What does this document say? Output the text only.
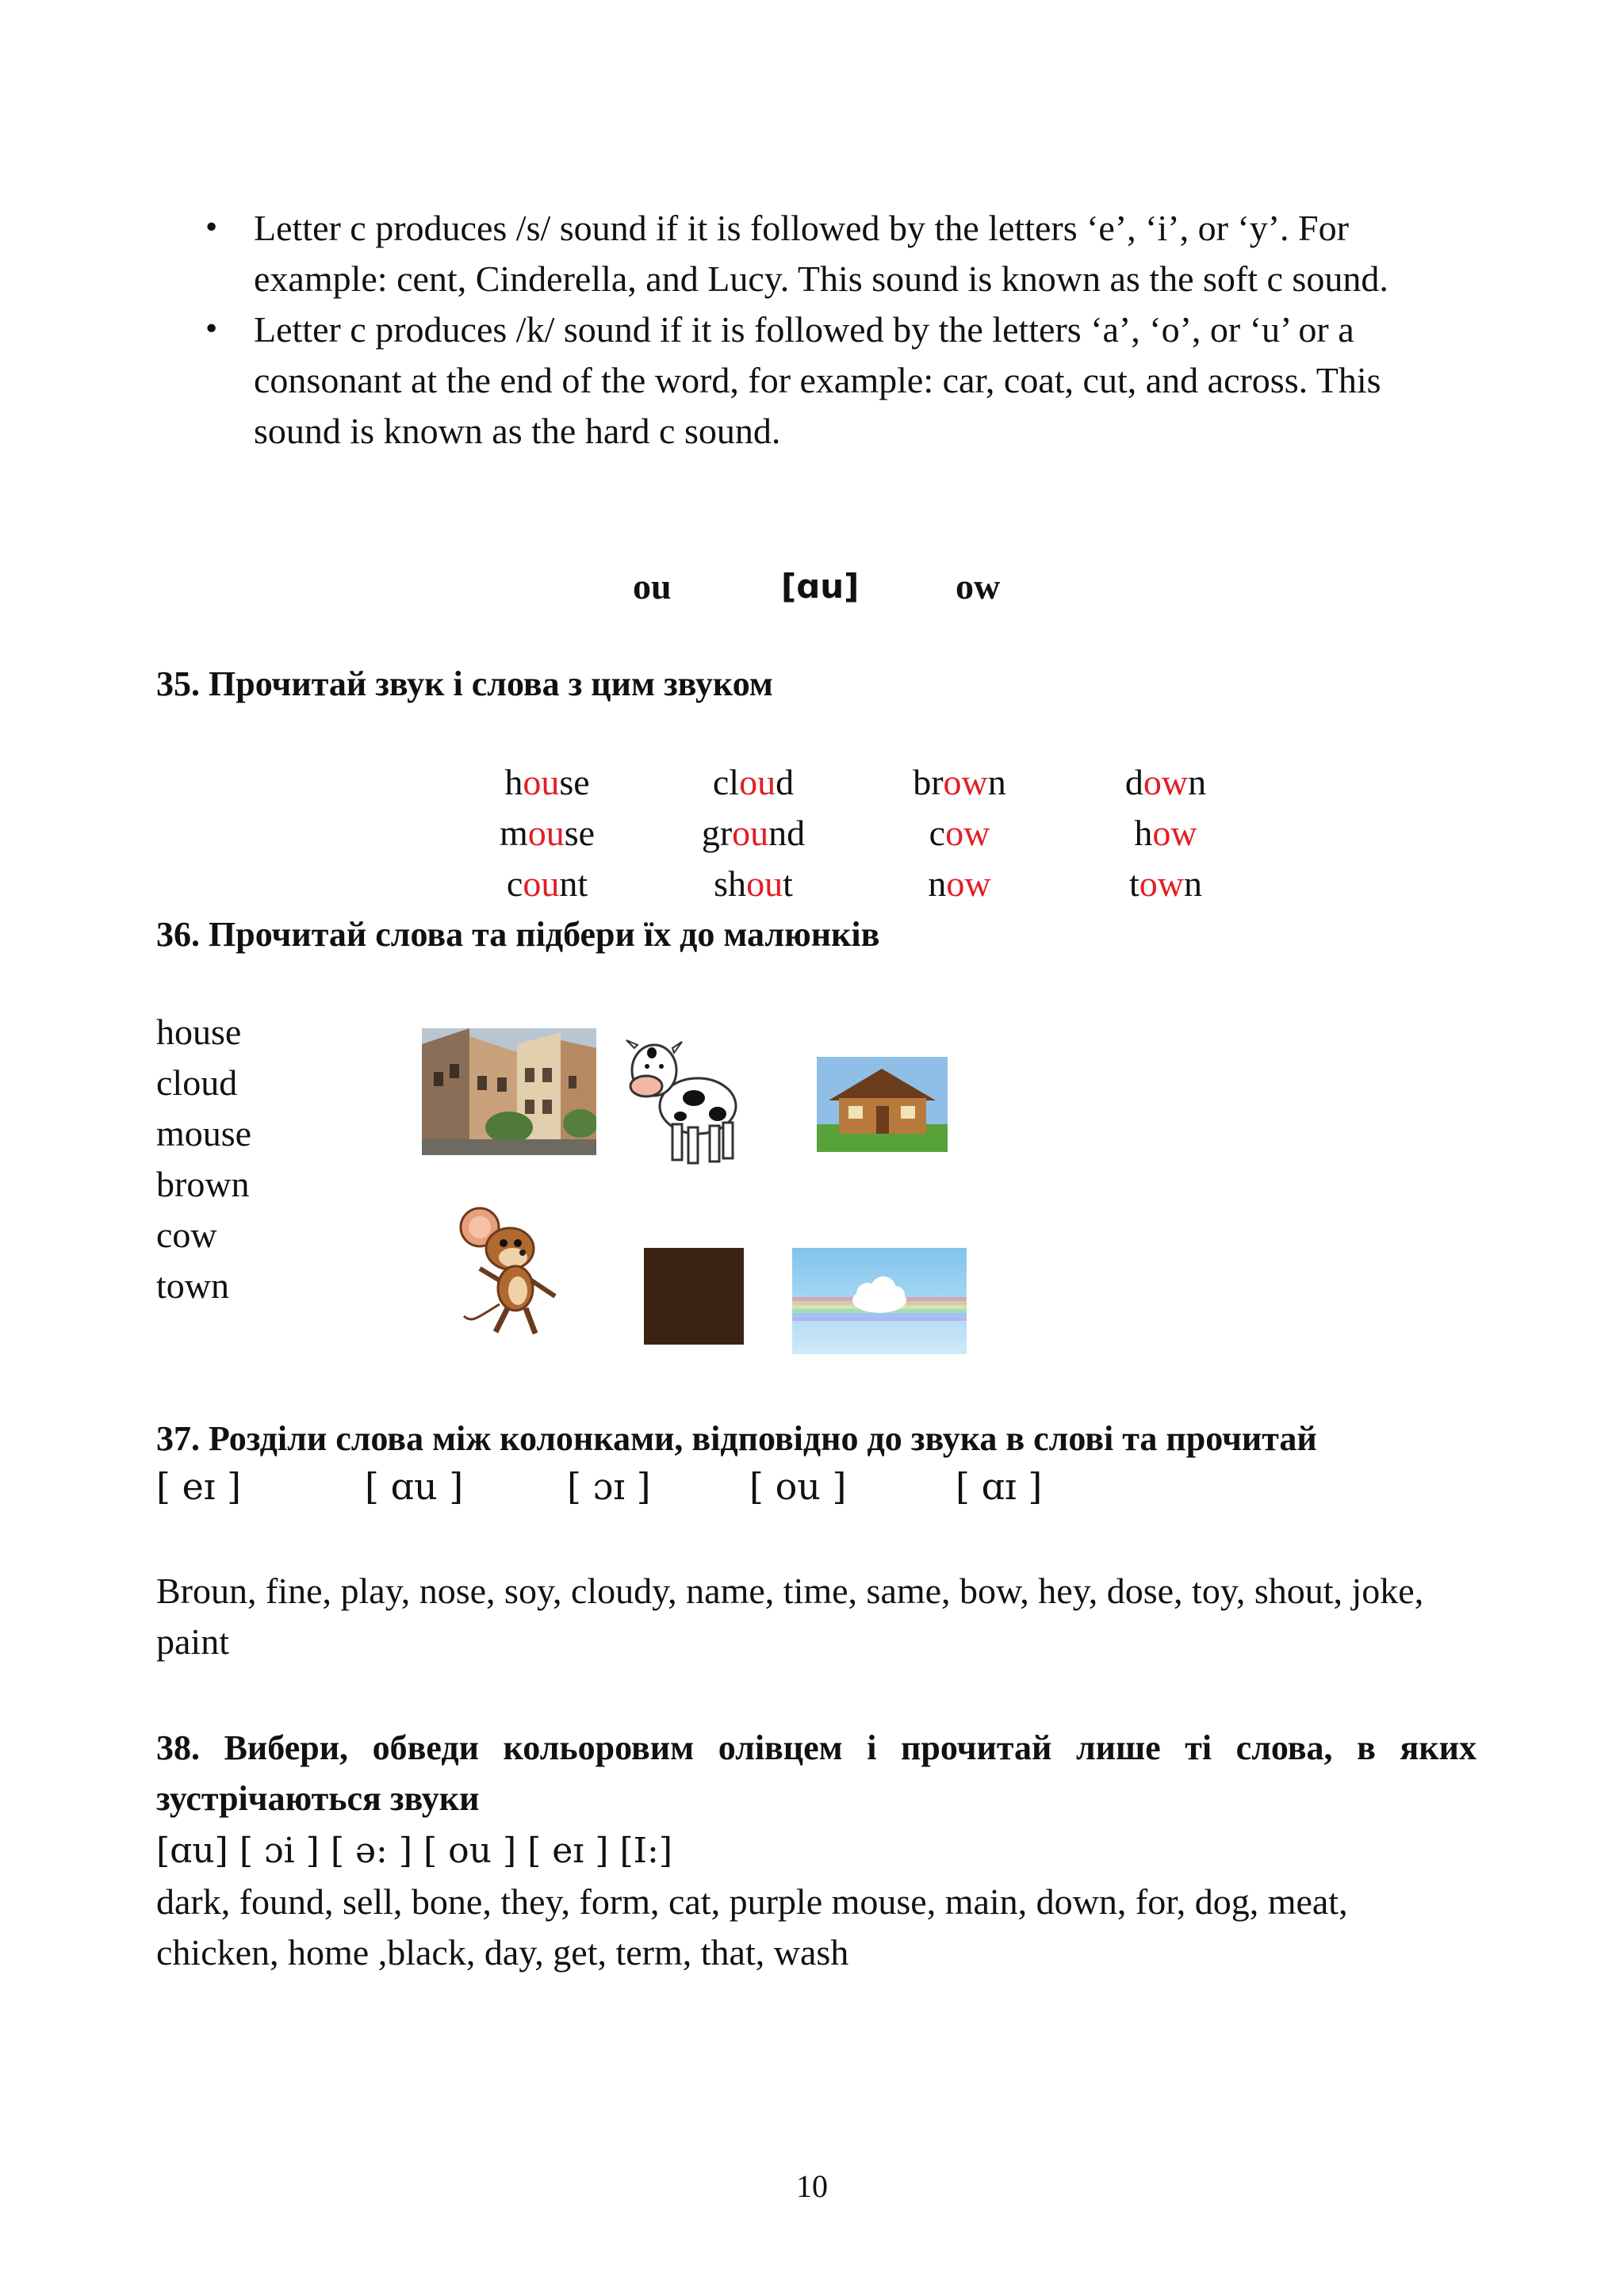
• Letter c produces /s/ sound if it is followed by the letters ‘e’, ‘i’, or ‘y’. For example: cent, Cinderella, and Lucy. This sound is known as the soft c sound.
• Letter c produces /k/ sound if it is followed by the letters ‘a’, ‘o’, or ‘u’ or a consonant at the end of the word, for example: car, coat, cut, and across. This sound is known as the hard c sound.
ou	[ɑu]	ow
35. Прочитай звук і слова з цим звуком
house	cloud	brown	down
mouse	ground	cow	how
count	shout	now	town
36. Прочитай слова та підбери їх до малюнків
house
cloud
mouse
brown
cow
town
37. Розділи слова між колонками, відповідно до звука в слові та прочитай
[ eɪ ]	[ ɑu ]	[ ɔɪ ]	[ ou ]	[ ɑɪ ]
Broun, fine, play, nose, soy, cloudy, name, time, same, bow, hey, dose, toy, shout, joke, paint
38. Вибери, обведи кольоровим олівцем і прочитай лише ті слова, в яких зустрічаються звуки
[ɑu] [ ɔi ] [ ə: ] [ ou ] [ eɪ ] [I:]
dark, found, sell, bone, they, form, cat, purple mouse, main, down, for, dog, meat, chicken, home ,black, day, get, term, that, wash
10
